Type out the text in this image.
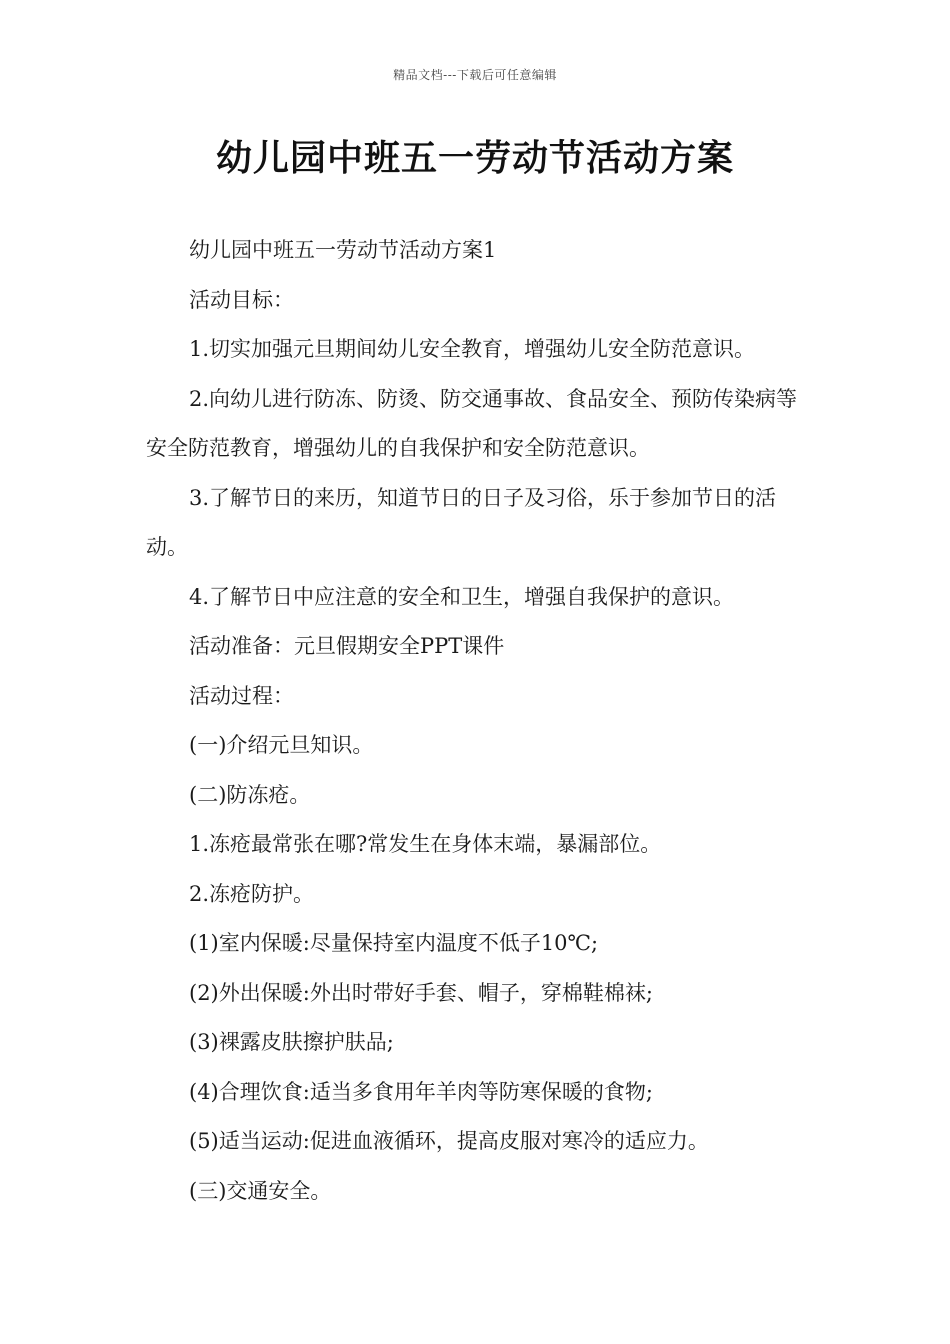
精品文档---下载后可任意编辑
幼儿园中班五一劳动节活动方案

幼儿园中班五一劳动节活动方案1

活动目标：

1.切实加强元旦期间幼儿安全教育，增强幼儿安全防范意识。

2.向幼儿进行防冻、防烫、防交通事故、食品安全、预防传染病等安全防范教育，增强幼儿的自我保护和安全防范意识。

3.了解节日的来历，知道节日的日子及习俗，乐于参加节日的活动。

4.了解节日中应注意的安全和卫生，增强自我保护的意识。

活动准备：元旦假期安全PPT课件

活动过程：

(一)介绍元旦知识。

(二)防冻疮。

1.冻疮最常张在哪?常发生在身体末端，暴漏部位。

2.冻疮防护。

(1)室内保暖:尽量保持室内温度不低子10℃;

(2)外出保暖:外出时带好手套、帽子，穿棉鞋棉袜;

(3)裸露皮肤擦护肤品;

(4)合理饮食:适当多食用年羊肉等防寒保暖的食物;

(5)适当运动:促进血液循环，提高皮服对寒冷的适应力。

(三)交通安全。
